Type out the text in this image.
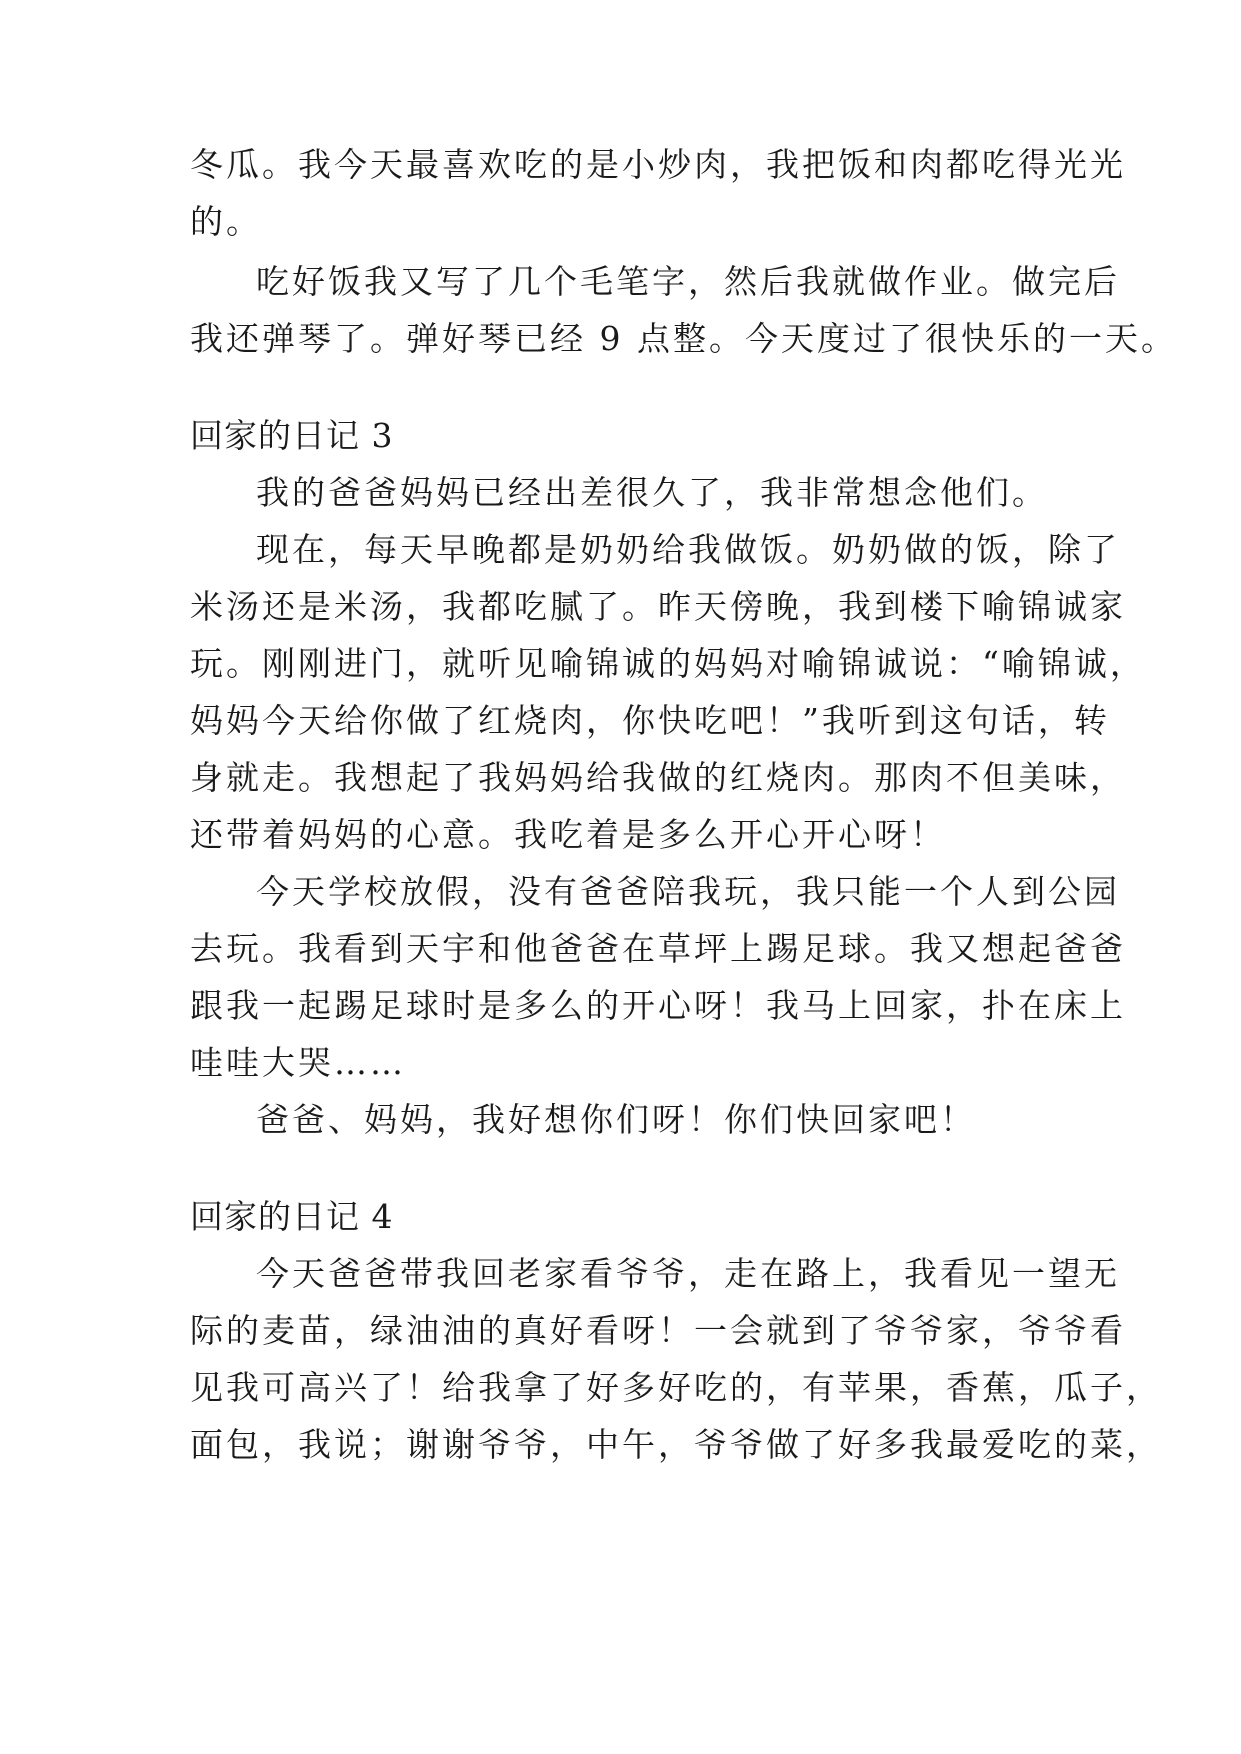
冬瓜。我今天最喜欢吃的是小炒肉，我把饭和肉都吃得光光
的。
吃好饭我又写了几个毛笔字，然后我就做作业。做完后
我还弹琴了。弹好琴已经 9 点整。今天度过了很快乐的一天。
回家的日记 3
我的爸爸妈妈已经出差很久了，我非常想念他们。
现在，每天早晚都是奶奶给我做饭。奶奶做的饭，除了
米汤还是米汤，我都吃腻了。昨天傍晚，我到楼下喻锦诚家
玩。刚刚进门，就听见喻锦诚的妈妈对喻锦诚说：“喻锦诚，
妈妈今天给你做了红烧肉，你快吃吧！”我听到这句话，转
身就走。我想起了我妈妈给我做的红烧肉。那肉不但美味，
还带着妈妈的心意。我吃着是多么开心开心呀！
今天学校放假，没有爸爸陪我玩，我只能一个人到公园
去玩。我看到天宇和他爸爸在草坪上踢足球。我又想起爸爸
跟我一起踢足球时是多么的开心呀！我马上回家，扑在床上
哇哇大哭……
爸爸、妈妈，我好想你们呀！你们快回家吧！
回家的日记 4
今天爸爸带我回老家看爷爷，走在路上，我看见一望无
际的麦苗，绿油油的真好看呀！一会就到了爷爷家，爷爷看
见我可高兴了！给我拿了好多好吃的，有苹果，香蕉，瓜子，
面包，我说；谢谢爷爷，中午，爷爷做了好多我最爱吃的菜，
